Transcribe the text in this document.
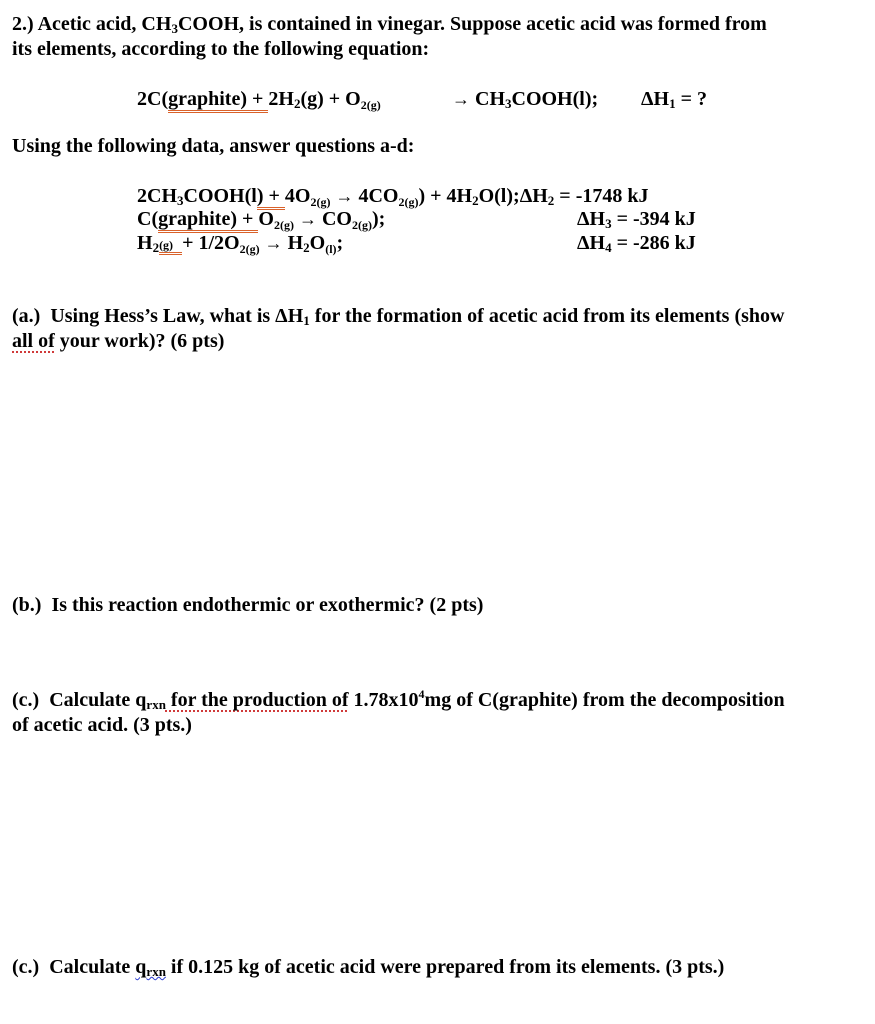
2.) Acetic acid, $CH_3COOH$, is contained in vinegar. Suppose acetic acid was formed from
its elements, according to the following equation:
2C(graphite) + $2H_2(g) + O_{2(g)}$	→ $CH_3COOH(l)$; $\Delta H_1$ = ?
Using the following data, answer questions a-d:
$2CH_3COOH(l) + 4O_{2(g)} \to 4CO_{2(g)}$) + $4H_2O(l);\Delta H_2 = -1748$ kJ
C(graphite) + $O_{2(g)} \to CO_{2(g)}$);	$\Delta H_3 = -394$ kJ
$H_2(g) + 1/2O_{2(g)} \to H_2O_{(l)}$;	$\Delta H_4 = -286$ kJ
(a.) Using Hess’s Law, what is $\Delta H_1$ for the formation of acetic acid from its elements (show
all of your work)? (6 pts)
(b.) Is this reaction endothermic or exothermic? (2 pts)
(c.) Calculate $q_{rxn}$ for the production of $1.78x10^4mg$ of C(graphite) from the decomposition
of acetic acid. (3 pts.)
(c.) Calculate $q_{rxn}$ if 0.125 kg of acetic acid were prepared from its elements. (3 pts.)
